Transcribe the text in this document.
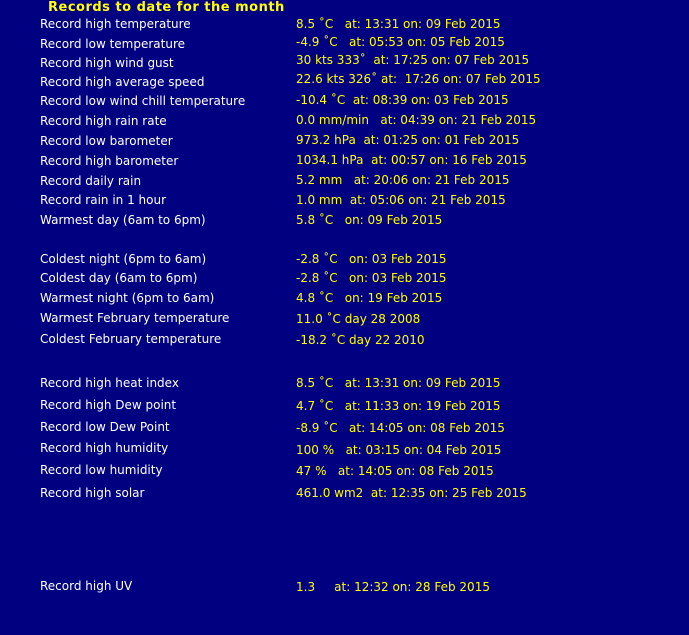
Records to date for the month
Record high temperature	8.5 ˚C   at: 13:31 on: 09 Feb 2015
Record low temperature	-4.9 ˚C   at: 05:53 on: 05 Feb 2015
Record high wind gust	30 kts 333˚  at: 17:25 on: 07 Feb 2015
Record high average speed	22.6 kts 326˚ at:  17:26 on: 07 Feb 2015
Record low wind chill temperature	-10.4 ˚C  at: 08:39 on: 03 Feb 2015
Record high rain rate	0.0 mm/min   at: 04:39 on: 21 Feb 2015
Record low barometer	973.2 hPa  at: 01:25 on: 01 Feb 2015
Record high barometer	1034.1 hPa  at: 00:57 on: 16 Feb 2015
Record daily rain	5.2 mm   at: 20:06 on: 21 Feb 2015
Record rain in 1 hour	1.0 mm  at: 05:06 on: 21 Feb 2015
Warmest day (6am to 6pm)	5.8 ˚C   on: 09 Feb 2015
Coldest night (6pm to 6am)	-2.8 ˚C   on: 03 Feb 2015
Coldest day (6am to 6pm)	-2.8 ˚C   on: 03 Feb 2015
Warmest night (6pm to 6am)	4.8 ˚C   on: 19 Feb 2015
Warmest February temperature	11.0 ˚C day 28 2008
Coldest February temperature	-18.2 ˚C day 22 2010
Record high heat index	8.5 ˚C   at: 13:31 on: 09 Feb 2015
Record high Dew point	4.7 ˚C   at: 11:33 on: 19 Feb 2015
Record low Dew Point	-8.9 ˚C   at: 14:05 on: 08 Feb 2015
Record high humidity	100 %   at: 03:15 on: 04 Feb 2015
Record low humidity	47 %   at: 14:05 on: 08 Feb 2015
Record high solar	461.0 wm2  at: 12:35 on: 25 Feb 2015
Record high UV	1.3     at: 12:32 on: 28 Feb 2015
